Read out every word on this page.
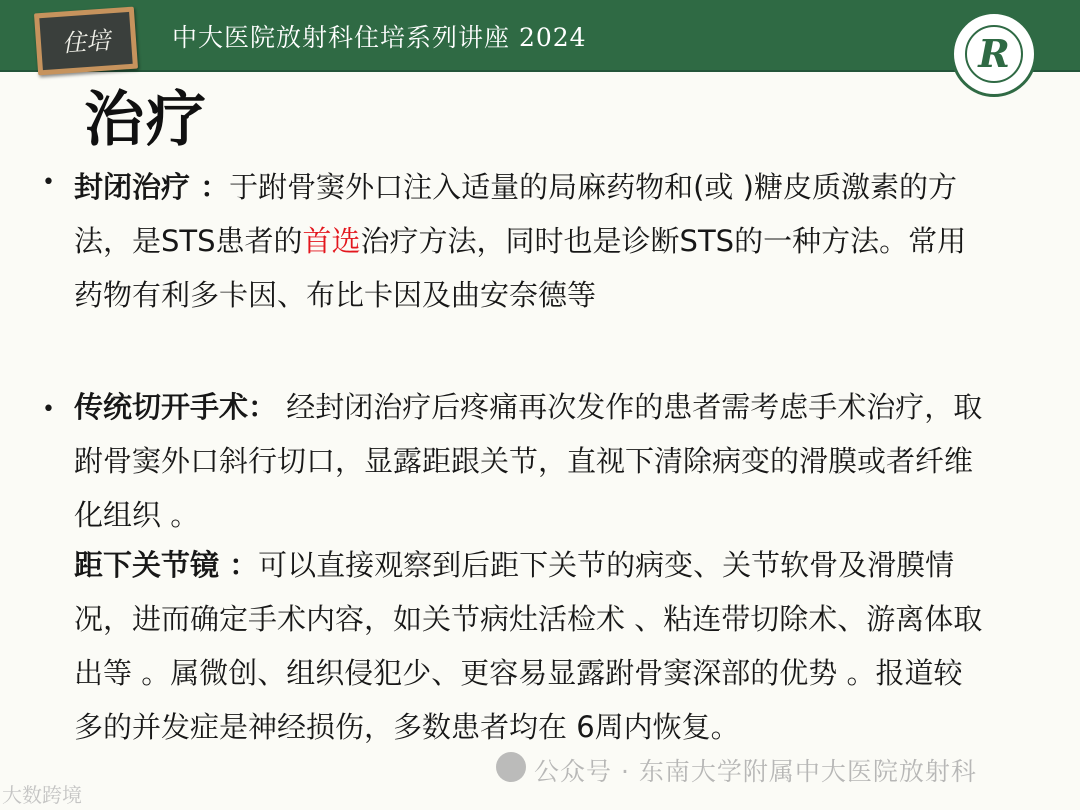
住培	中大医院放射科住培系列讲座 2024	R
治疗
• 封闭治疗 ：于跗骨窦外口注入适量的局麻药物和(或 )糖皮质激素的方法，是STS患者的首选治疗方法，同时也是诊断STS的一种方法。常用药物有利多卡因、布比卡因及曲安奈德等
• 传统切开手术： 经封闭治疗后疼痛再次发作的患者需考虑手术治疗，取跗骨窦外口斜行切口，显露距跟关节，直视下清除病变的滑膜或者纤维化组织 。
距下关节镜 ：可以直接观察到后距下关节的病变、关节软骨及滑膜情况，进而确定手术内容，如关节病灶活检术 、粘连带切除术、游离体取出等 。属微创、组织侵犯少、更容易显露跗骨窦深部的优势 。报道较多的并发症是神经损伤，多数患者均在 6周内恢复。
公众号 · 东南大学附属中大医院放射科
大数跨境
